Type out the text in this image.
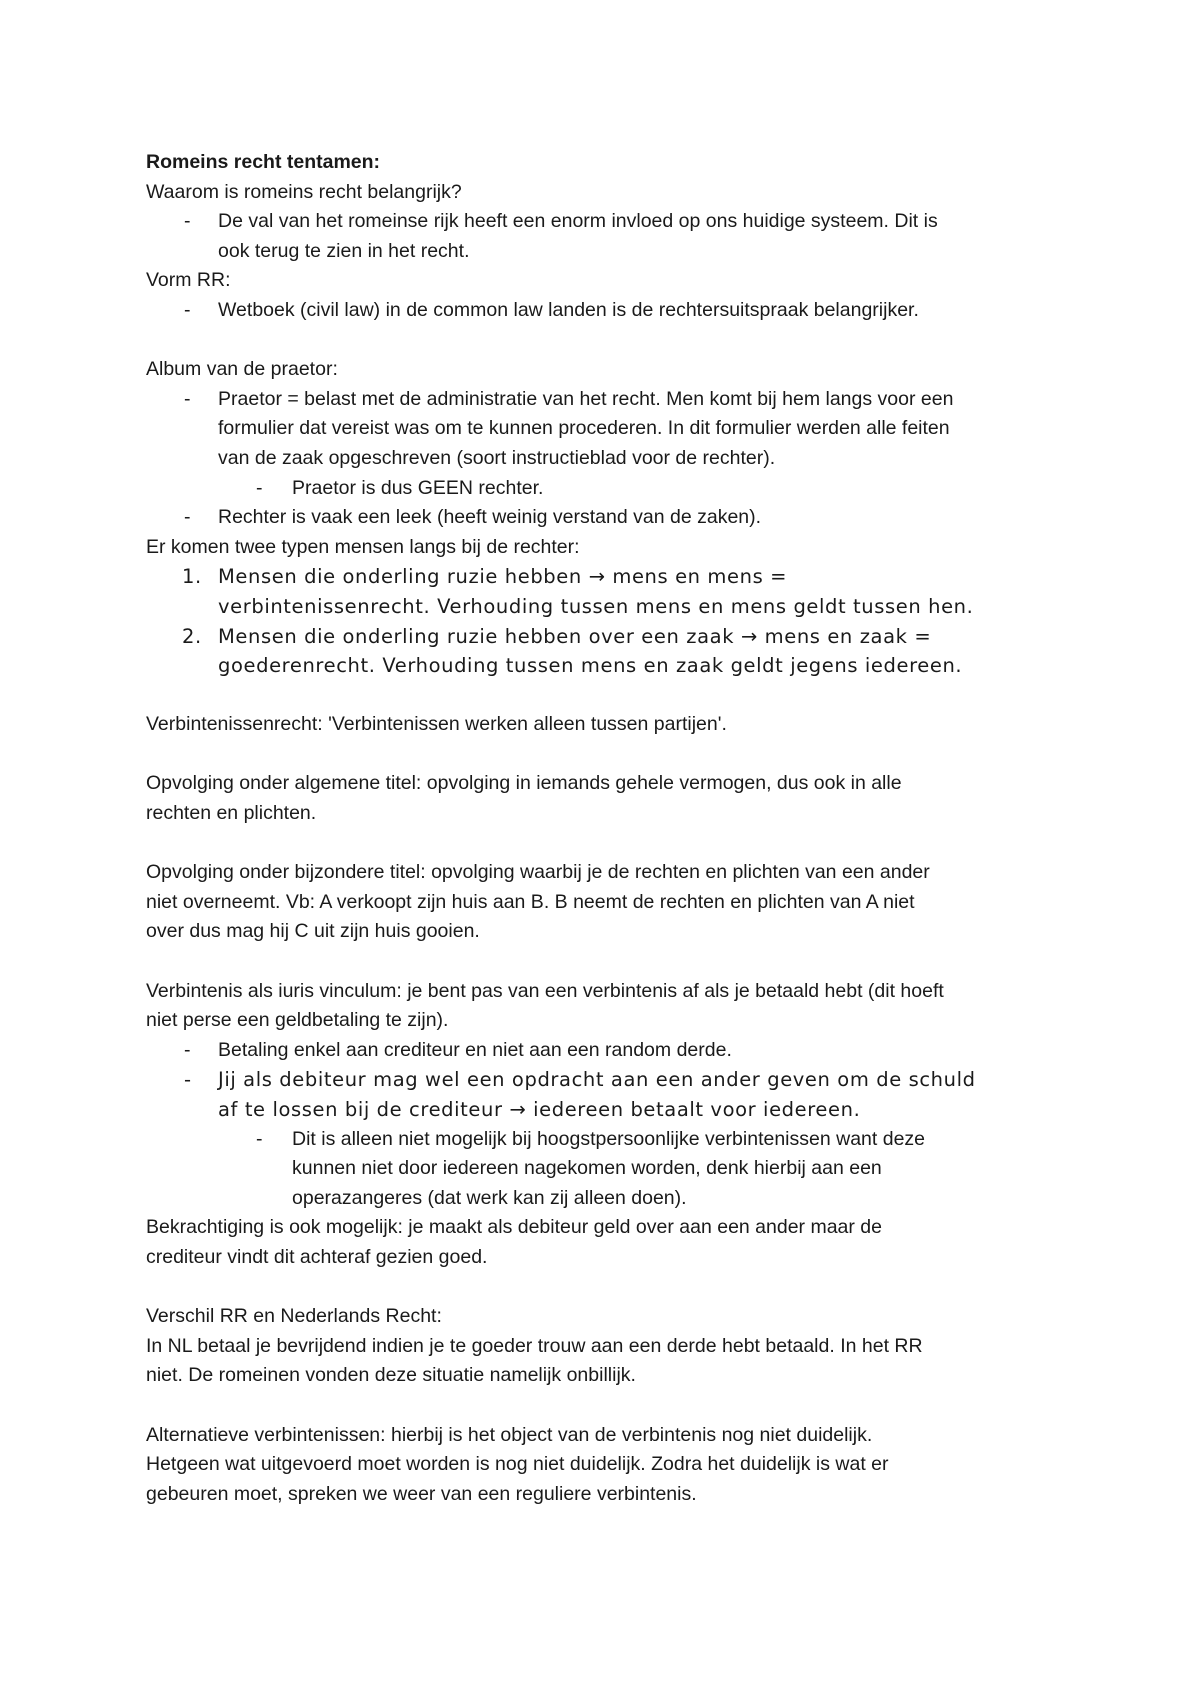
Romeins recht tentamen:
Waarom is romeins recht belangrijk?
- De val van het romeinse rijk heeft een enorm invloed op ons huidige systeem. Dit is
ook terug te zien in het recht.
Vorm RR:
- Wetboek (civil law) in de common law landen is de rechtersuitspraak belangrijker.
Album van de praetor:
- Praetor = belast met de administratie van het recht. Men komt bij hem langs voor een
formulier dat vereist was om te kunnen procederen. In dit formulier werden alle feiten
van de zaak opgeschreven (soort instructieblad voor de rechter).
- Praetor is dus GEEN rechter.
- Rechter is vaak een leek (heeft weinig verstand van de zaken).
Er komen twee typen mensen langs bij de rechter:
1. Mensen die onderling ruzie hebben → mens en mens =
verbintenissenrecht. Verhouding tussen mens en mens geldt tussen hen.
2. Mensen die onderling ruzie hebben over een zaak → mens en zaak =
goederenrecht. Verhouding tussen mens en zaak geldt jegens iedereen.
Verbintenissenrecht: 'Verbintenissen werken alleen tussen partijen'.
Opvolging onder algemene titel: opvolging in iemands gehele vermogen, dus ook in alle
rechten en plichten.
Opvolging onder bijzondere titel: opvolging waarbij je de rechten en plichten van een ander
niet overneemt. Vb: A verkoopt zijn huis aan B. B neemt de rechten en plichten van A niet
over dus mag hij C uit zijn huis gooien.
Verbintenis als iuris vinculum: je bent pas van een verbintenis af als je betaald hebt (dit hoeft
niet perse een geldbetaling te zijn).
- Betaling enkel aan crediteur en niet aan een random derde.
- Jij als debiteur mag wel een opdracht aan een ander geven om de schuld
af te lossen bij de crediteur → iedereen betaalt voor iedereen.
- Dit is alleen niet mogelijk bij hoogstpersoonlijke verbintenissen want deze
kunnen niet door iedereen nagekomen worden, denk hierbij aan een
operazangeres (dat werk kan zij alleen doen).
Bekrachtiging is ook mogelijk: je maakt als debiteur geld over aan een ander maar de
crediteur vindt dit achteraf gezien goed.
Verschil RR en Nederlands Recht:
In NL betaal je bevrijdend indien je te goeder trouw aan een derde hebt betaald. In het RR
niet. De romeinen vonden deze situatie namelijk onbillijk.
Alternatieve verbintenissen: hierbij is het object van de verbintenis nog niet duidelijk.
Hetgeen wat uitgevoerd moet worden is nog niet duidelijk. Zodra het duidelijk is wat er
gebeuren moet, spreken we weer van een reguliere verbintenis.
